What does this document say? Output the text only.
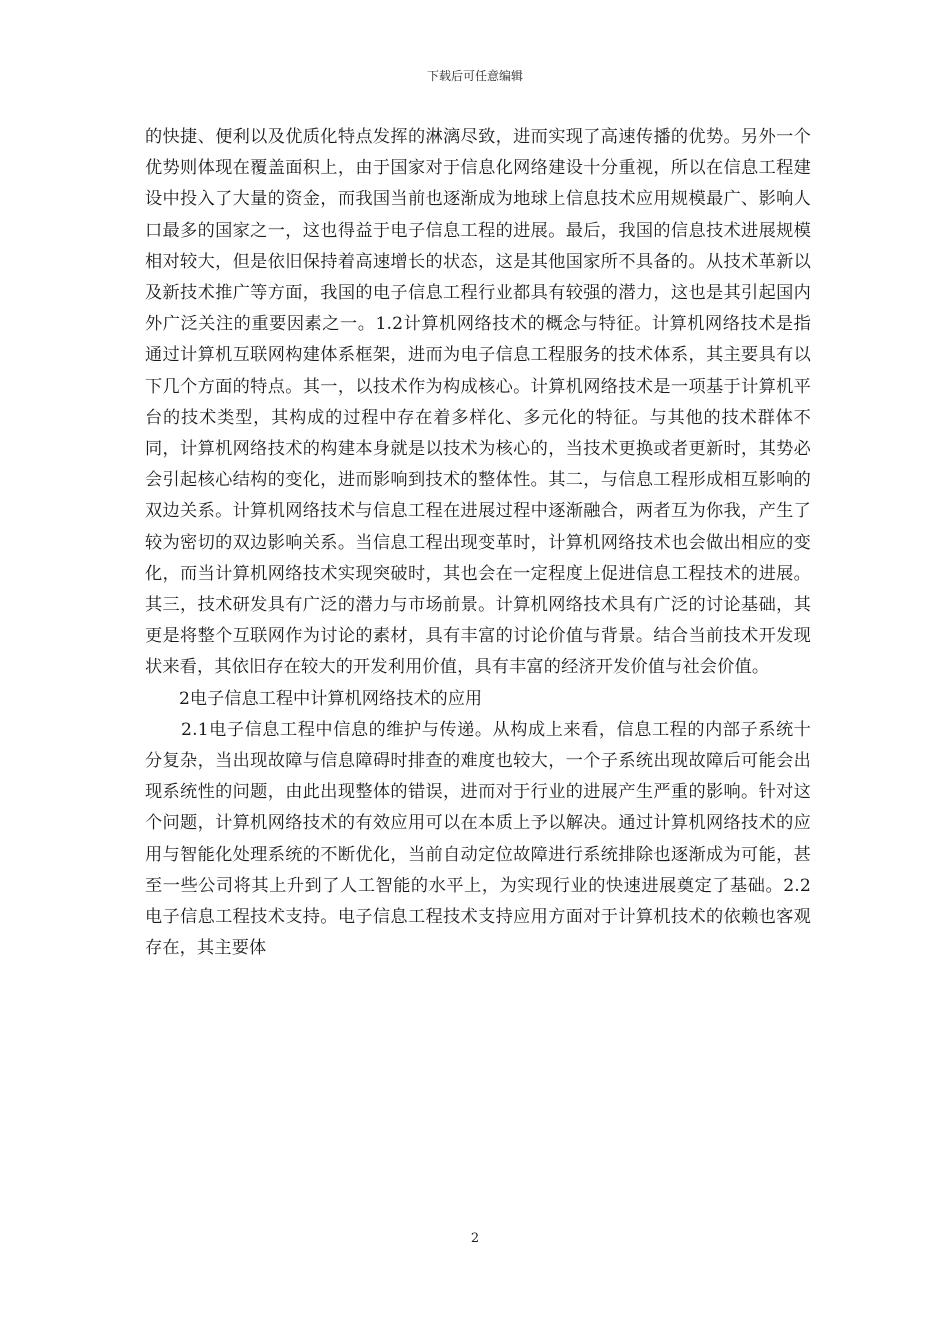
下载后可任意编辑

的快捷、便利以及优质化特点发挥的淋漓尽致，进而实现了高速传播的优势。另外一个优势则体现在覆盖面积上，由于国家对于信息化网络建设十分重视，所以在信息工程建设中投入了大量的资金，而我国当前也逐渐成为地球上信息技术应用规模最广、影响人口最多的国家之一，这也得益于电子信息工程的进展。最后，我国的信息技术进展规模相对较大，但是依旧保持着高速增长的状态，这是其他国家所不具备的。从技术革新以及新技术推广等方面，我国的电子信息工程行业都具有较强的潜力，这也是其引起国内外广泛关注的重要因素之一。1.2计算机网络技术的概念与特征。计算机网络技术是指通过计算机互联网构建体系框架，进而为电子信息工程服务的技术体系，其主要具有以下几个方面的特点。其一，以技术作为构成核心。计算机网络技术是一项基于计算机平台的技术类型，其构成的过程中存在着多样化、多元化的特征。与其他的技术群体不同，计算机网络技术的构建本身就是以技术为核心的，当技术更换或者更新时，其势必会引起核心结构的变化，进而影响到技术的整体性。其二，与信息工程形成相互影响的双边关系。计算机网络技术与信息工程在进展过程中逐渐融合，两者互为你我，产生了较为密切的双边影响关系。当信息工程出现变革时，计算机网络技术也会做出相应的变化，而当计算机网络技术实现突破时，其也会在一定程度上促进信息工程技术的进展。其三，技术研发具有广泛的潜力与市场前景。计算机网络技术具有广泛的讨论基础，其更是将整个互联网作为讨论的素材，具有丰富的讨论价值与背景。结合当前技术开发现状来看，其依旧存在较大的开发利用价值，具有丰富的经济开发价值与社会价值。

2电子信息工程中计算机网络技术的应用

2.1电子信息工程中信息的维护与传递。从构成上来看，信息工程的内部子系统十分复杂，当出现故障与信息障碍时排查的难度也较大，一个子系统出现故障后可能会出现系统性的问题，由此出现整体的错误，进而对于行业的进展产生严重的影响。针对这个问题，计算机网络技术的有效应用可以在本质上予以解决。通过计算机网络技术的应用与智能化处理系统的不断优化，当前自动定位故障进行系统排除也逐渐成为可能，甚至一些公司将其上升到了人工智能的水平上，为实现行业的快速进展奠定了基础。2.2电子信息工程技术支持。电子信息工程技术支持应用方面对于计算机技术的依赖也客观存在，其主要体

2
